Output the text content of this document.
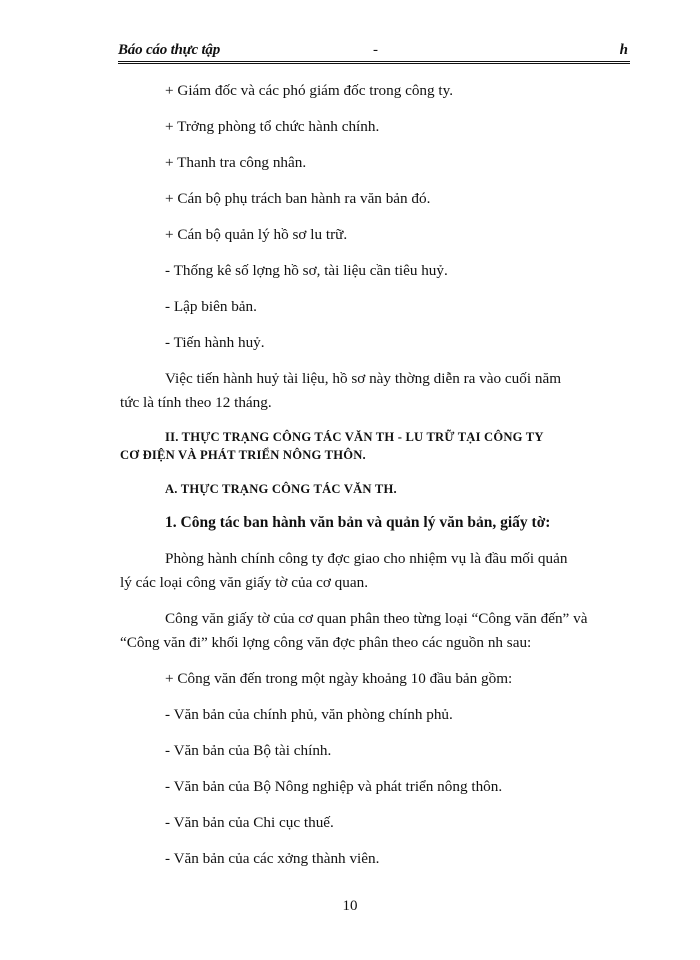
Báo cáo thực tập	-	h
+ Giám đốc và các phó giám đốc trong công ty.
+ Trởng phòng tổ chức hành chính.
+ Thanh tra công nhân.
+ Cán bộ phụ trách ban hành ra văn bản đó.
+ Cán bộ quản lý hồ sơ lu trữ.
- Thống kê số lợng hồ sơ, tài liệu cần tiêu huỷ.
- Lập biên bản.
- Tiến hành huỷ.
Việc tiến hành huỷ tài liệu, hồ sơ này thờng diễn ra vào cuối năm
tức là tính theo 12 tháng.
II. THỰC TRẠNG CÔNG TÁC VĂN TH - LU TRỮ TẠI CÔNG TY
CƠ ĐIỆN VÀ PHÁT TRIỂN NÔNG THÔN.
A. THỰC TRẠNG CÔNG TÁC VĂN TH.
1. Công tác ban hành văn bản và quản lý văn bản, giấy tờ:
Phòng hành chính công ty đợc giao cho nhiệm vụ là đầu mối quản
lý các loại công văn giấy tờ của cơ quan.
Công văn giấy tờ của cơ quan phân theo từng loại “Công văn đến” và
“Công văn đi” khối lợng công văn đợc phân theo các nguồn nh sau:
+ Công văn đến trong một ngày khoảng 10 đầu bản gồm:
- Văn bản của chính phủ, văn phòng chính phủ.
- Văn bản của Bộ tài chính.
- Văn bản của Bộ Nông nghiệp và phát triển nông thôn.
- Văn bản của Chi cục thuế.
- Văn bản của các xởng thành viên.
10
